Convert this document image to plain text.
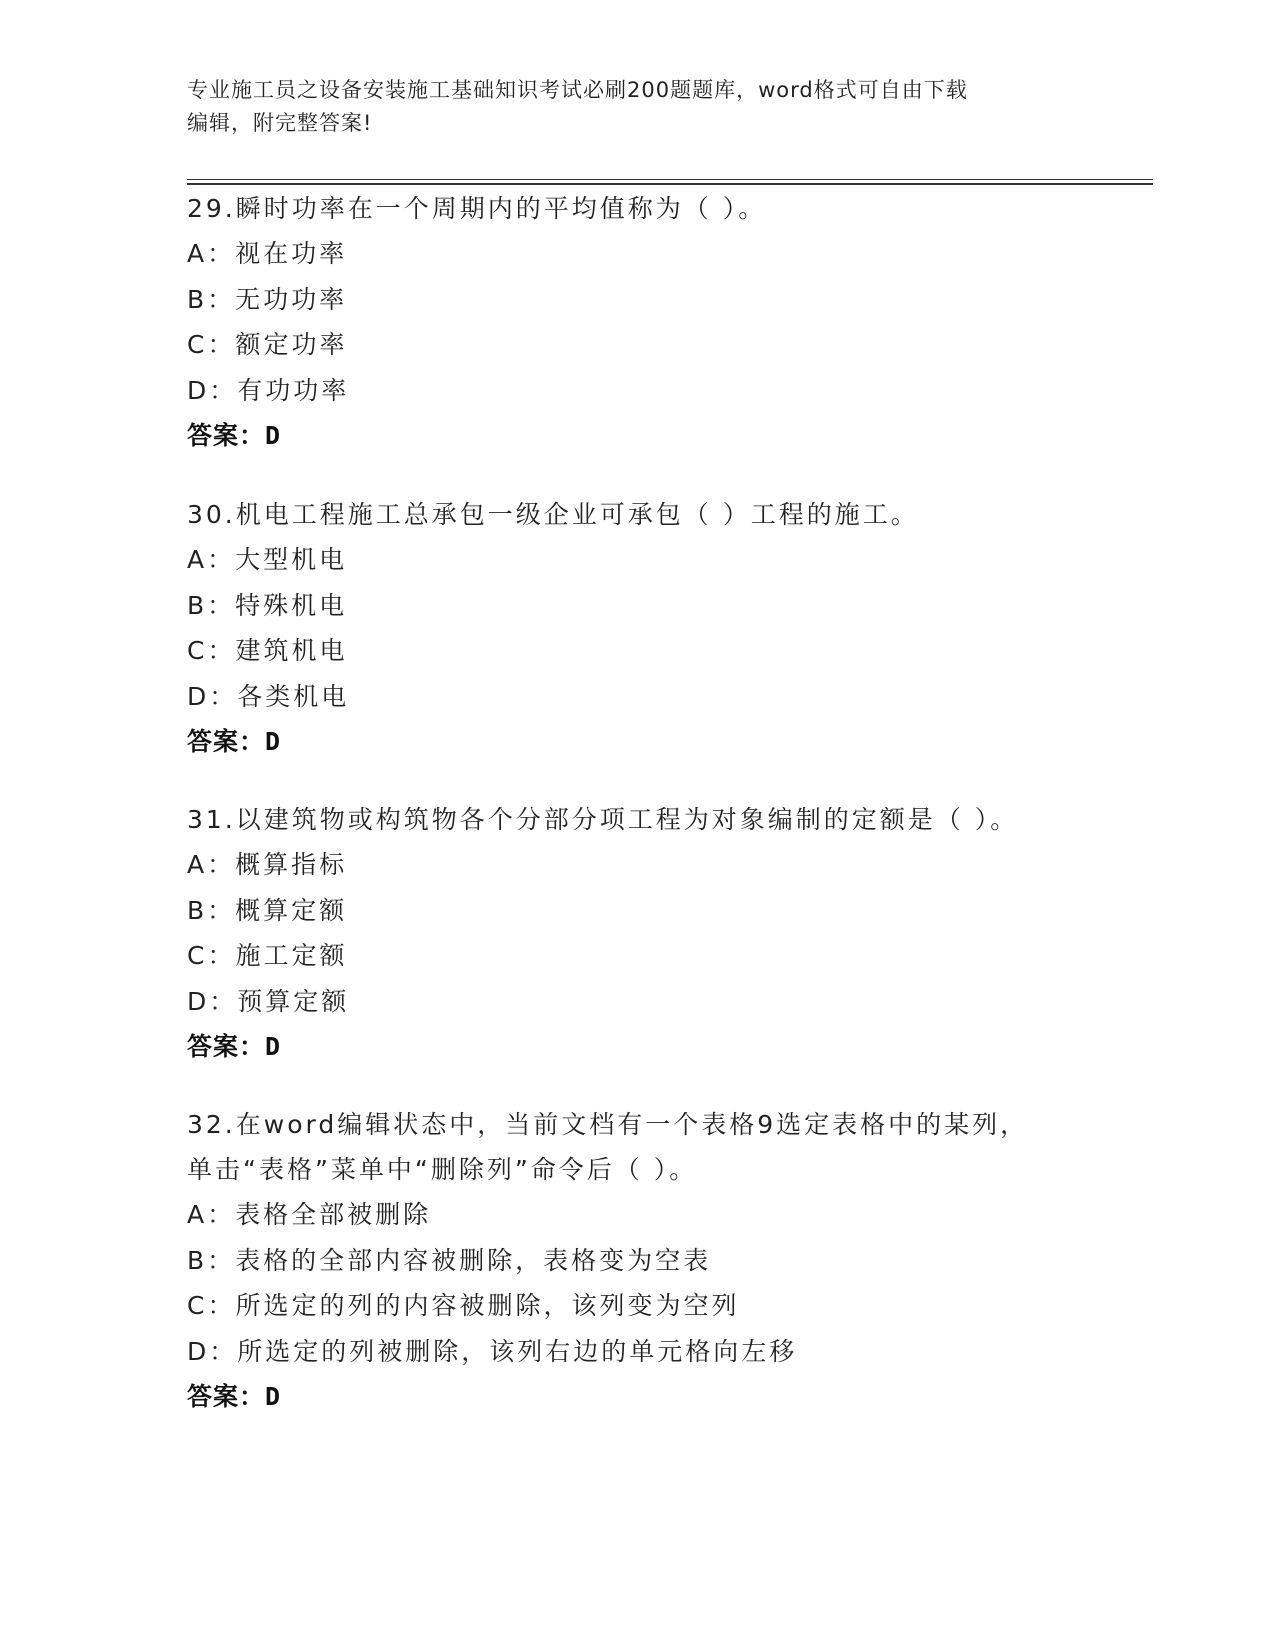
专业施工员之设备安装施工基础知识考试必刷200题题库，word格式可自由下载
编辑，附完整答案!
29.瞬时功率在一个周期内的平均值称为（ ）。
A：视在功率
B：无功功率
C：额定功率
D：有功功率
答案：D
30.机电工程施工总承包一级企业可承包（ ）工程的施工。
A：大型机电
B：特殊机电
C：建筑机电
D：各类机电
答案：D
31.以建筑物或构筑物各个分部分项工程为对象编制的定额是（ ）。
A：概算指标
B：概算定额
C：施工定额
D：预算定额
答案：D
32.在word编辑状态中，当前文档有一个表格9选定表格中的某列，
单击“表格”菜单中“删除列”命令后（ ）。
A：表格全部被删除
B：表格的全部内容被删除，表格变为空表
C：所选定的列的内容被删除，该列变为空列
D：所选定的列被删除，该列右边的单元格向左移
答案：D
